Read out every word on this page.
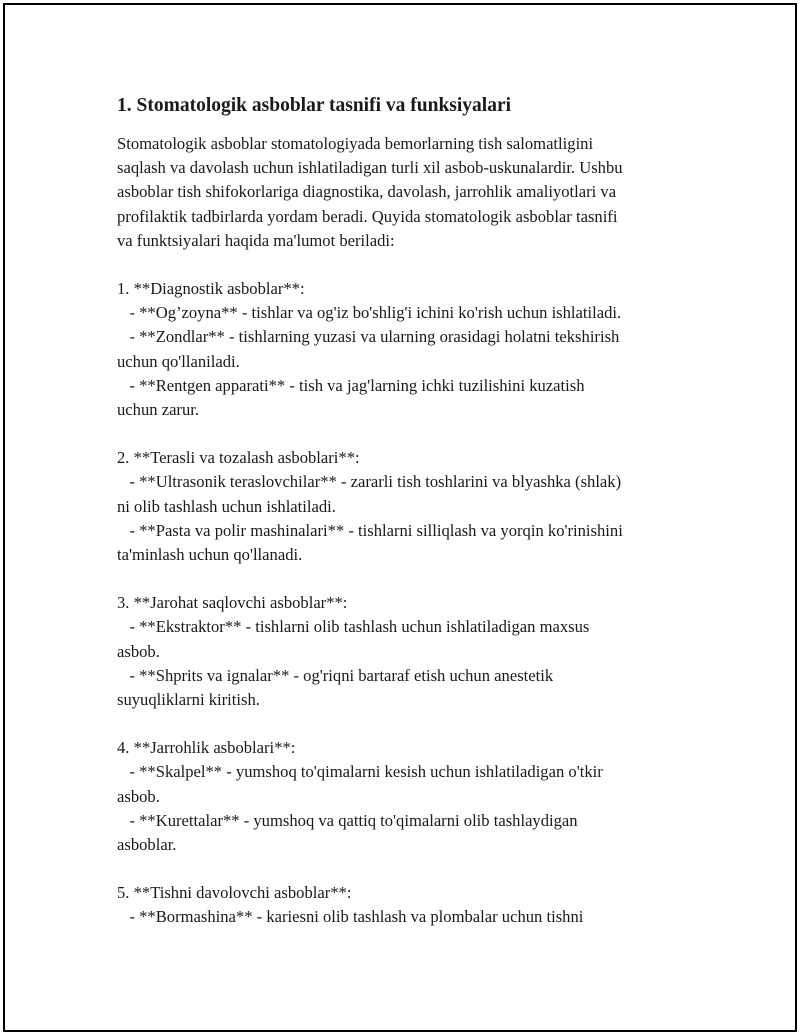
1. Stomatologik asboblar tasnifi va funksiyalari
Stomatologik asboblar stomatologiyada bemorlarning tish salomatligini
saqlash va davolash uchun ishlatiladigan turli xil asbob-uskunalardir. Ushbu
asboblar tish shifokorlariga diagnostika, davolash, jarrohlik amaliyotlari va
profilaktik tadbirlarda yordam beradi. Quyida stomatologik asboblar tasnifi
va funktsiyalari haqida ma'lumot beriladi:
1. **Diagnostik asboblar**:
- **Og’zoyna** - tishlar va og'iz bo'shlig'i ichini ko'rish uchun ishlatiladi.
- **Zondlar** - tishlarning yuzasi va ularning orasidagi holatni tekshirish
uchun qo'llaniladi.
- **Rentgen apparati** - tish va jag'larning ichki tuzilishini kuzatish
uchun zarur.
2. **Terasli va tozalash asboblari**:
- **Ultrasonik teraslovchilar** - zararli tish toshlarini va blyashka (shlak)
ni olib tashlash uchun ishlatiladi.
- **Pasta va polir mashinalari** - tishlarni silliqlash va yorqin ko'rinishini
ta'minlash uchun qo'llanadi.
3. **Jarohat saqlovchi asboblar**:
- **Ekstraktor** - tishlarni olib tashlash uchun ishlatiladigan maxsus
asbob.
- **Shprits va ignalar** - og'riqni bartaraf etish uchun anestetik
suyuqliklarni kiritish.
4. **Jarrohlik asboblari**:
- **Skalpel** - yumshoq to'qimalarni kesish uchun ishlatiladigan o'tkir
asbob.
- **Kurettalar** - yumshoq va qattiq to'qimalarni olib tashlaydigan
asboblar.
5. **Tishni davolovchi asboblar**:
- **Bormashina** - kariesni olib tashlash va plombalar uchun tishni
